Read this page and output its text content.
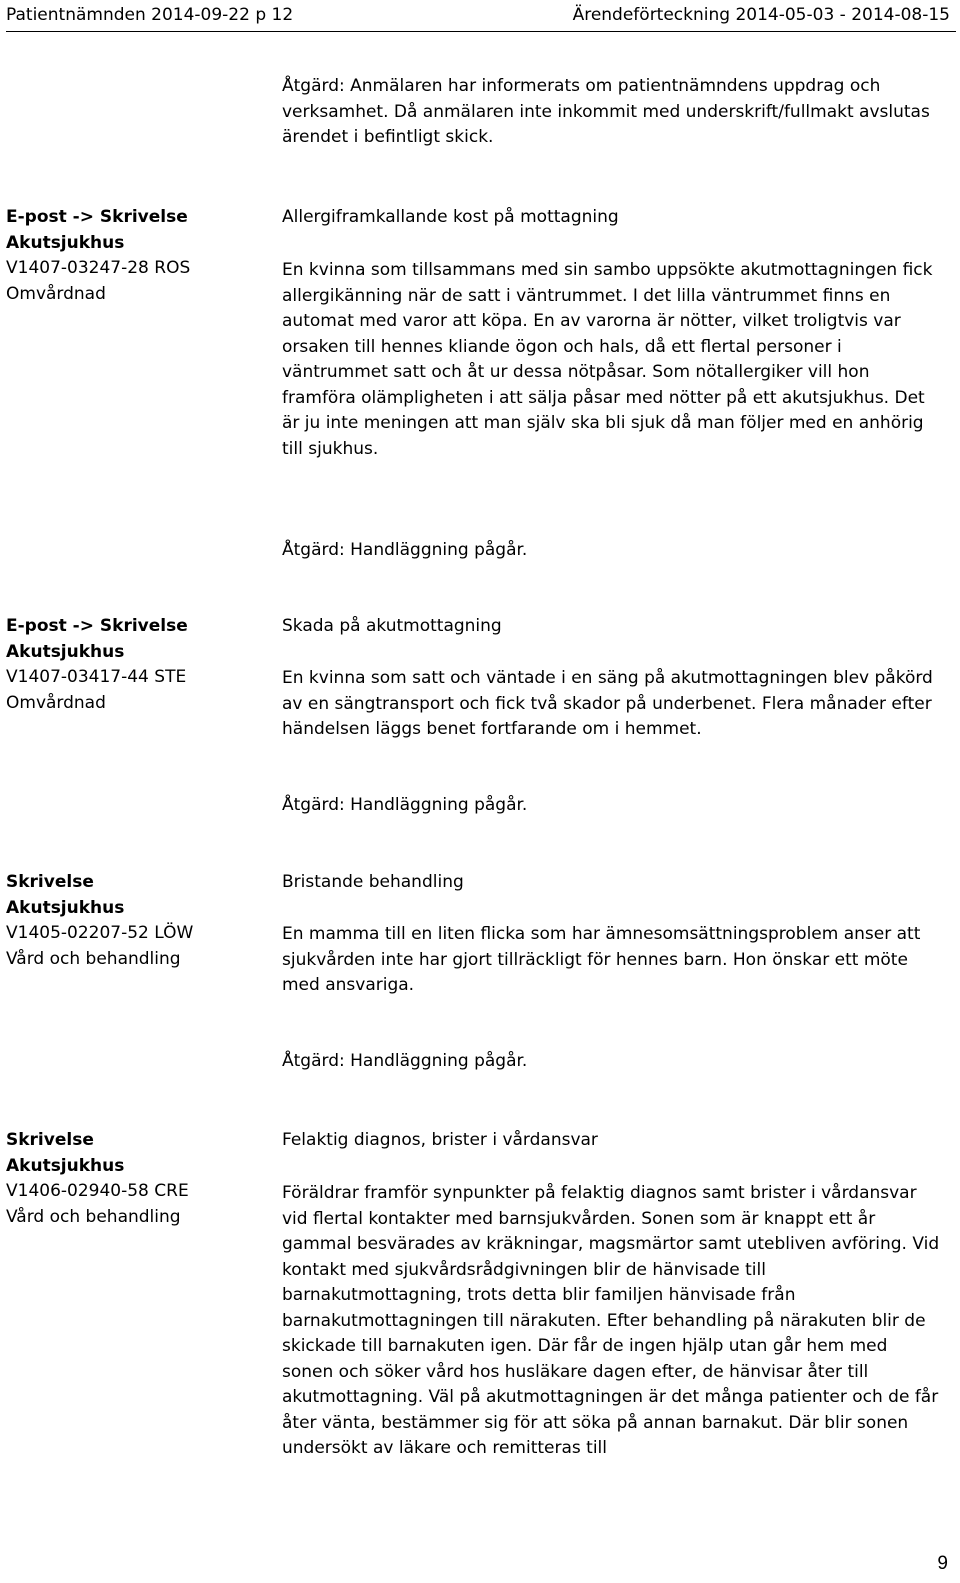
Patientnämnden 2014-09-22 p 12	Ärendeförteckning 2014-05-03 - 2014-08-15

Åtgärd: Anmälaren har informerats om patientnämndens uppdrag och verksamhet. Då anmälaren inte inkommit med underskrift/fullmakt avslutas ärendet i befintligt skick.

E-post -> Skrivelse
Akutsjukhus
V1407-03247-28 ROS
Omvårdnad
Allergiframkallande kost på mottagning

En kvinna som tillsammans med sin sambo uppsökte akutmottagningen fick allergikänning när de satt i väntrummet. I det lilla väntrummet finns en automat med varor att köpa. En av varorna är nötter, vilket troligtvis var orsaken till hennes kliande ögon och hals, då ett flertal personer i väntrummet satt och åt ur dessa nötpåsar. Som nötallergiker vill hon framföra olämpligheten i att sälja påsar med nötter på ett akutsjukhus. Det är ju inte meningen att man själv ska bli sjuk då man följer med en anhörig till sjukhus.

Åtgärd: Handläggning pågår.

E-post -> Skrivelse
Akutsjukhus
V1407-03417-44 STE
Omvårdnad
Skada på akutmottagning

En kvinna som satt och väntade i en säng på akutmottagningen blev påkörd av en sängtransport och fick två skador på underbenet. Flera månader efter händelsen läggs benet fortfarande om i hemmet.

Åtgärd: Handläggning pågår.

Skrivelse
Akutsjukhus
V1405-02207-52 LÖW
Vård och behandling
Bristande behandling

En mamma till en liten flicka som har ämnesomsättningsproblem anser att sjukvården inte har gjort tillräckligt för hennes barn. Hon önskar ett möte med ansvariga.

Åtgärd: Handläggning pågår.

Skrivelse
Akutsjukhus
V1406-02940-58 CRE
Vård och behandling
Felaktig diagnos, brister i vårdansvar

Föräldrar framför synpunkter på felaktig diagnos samt brister i vårdansvar vid flertal kontakter med barnsjukvården. Sonen som är knappt ett år gammal besvärades av kräkningar, magsmärtor samt utebliven avföring. Vid kontakt med sjukvårdsrådgivningen blir de hänvisade till barnakutmottagning, trots detta blir familjen hänvisade från barnakutmottagningen till närakuten. Efter behandling på närakuten blir de skickade till barnakuten igen. Där får de ingen hjälp utan går hem med sonen och söker vård hos husläkare dagen efter, de hänvisar åter till akutmottagning. Väl på akutmottagningen är det många patienter och de får åter vänta, bestämmer sig för att söka på annan barnakut. Där blir sonen undersökt av läkare och remitteras till

9
